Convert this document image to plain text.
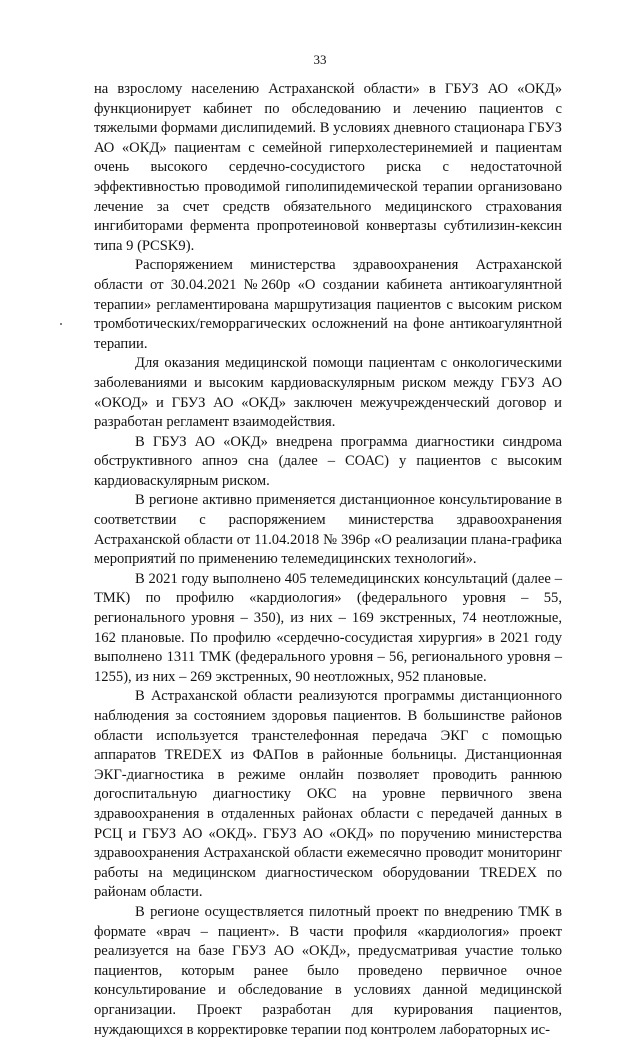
33

на взрослому населению Астраханской области» в ГБУЗ АО «ОКД» функционирует кабинет по обследованию и лечению пациентов с тяжелыми формами дислипидемий. В условиях дневного стационара ГБУЗ АО «ОКД» пациентам с семейной гиперхолестеринемией и пациентам очень высокого сердечно-сосудистого риска с недостаточной эффективностью проводимой гиполипидемической терапии организовано лечение за счет средств обязательного медицинского страхования ингибиторами фермента пропротеиновой конвертазы субтилизин-кексин типа 9 (PCSK9).

Распоряжением министерства здравоохранения Астраханской области от 30.04.2021 №260р «О создании кабинета антикоагулянтной терапии» регламентирована маршрутизация пациентов с высоким риском тромботических/геморрагических осложнений на фоне антикоагулянтной терапии.

Для оказания медицинской помощи пациентам с онкологическими заболеваниями и высоким кардиоваскулярным риском между ГБУЗ АО «ОКОД» и ГБУЗ АО «ОКД» заключен межучрежденческий договор и разработан регламент взаимодействия.

В ГБУЗ АО «ОКД» внедрена программа диагностики синдрома обструктивного апноэ сна (далее – СОАС) у пациентов с высоким кардиоваскулярным риском.

В регионе активно применяется дистанционное консультирование в соответствии с распоряжением министерства здравоохранения Астраханской области от 11.04.2018 № 396р «О реализации плана-графика мероприятий по применению телемедицинских технологий».

В 2021 году выполнено 405 телемедицинских консультаций (далее – ТМК) по профилю «кардиология» (федерального уровня – 55, регионального уровня – 350), из них – 169 экстренных, 74 неотложные, 162 плановые. По профилю «сердечно-сосудистая хирургия» в 2021 году выполнено 1311 ТМК (федерального уровня – 56, регионального уровня – 1255), из них – 269 экстренных, 90 неотложных, 952 плановые.

В Астраханской области реализуются программы дистанционного наблюдения за состоянием здоровья пациентов. В большинстве районов области используется транстелефонная передача ЭКГ с помощью аппаратов TREDEX из ФАПов в районные больницы. Дистанционная ЭКГ-диагностика в режиме онлайн позволяет проводить раннюю догоспитальную диагностику ОКС на уровне первичного звена здравоохранения в отдаленных районах области с передачей данных в РСЦ и ГБУЗ АО «ОКД». ГБУЗ АО «ОКД» по поручению министерства здравоохранения Астраханской области ежемесячно проводит мониторинг работы на медицинском диагностическом оборудовании TREDEX по районам области.

В регионе осуществляется пилотный проект по внедрению ТМК в формате «врач – пациент». В части профиля «кардиология» проект реализуется на базе ГБУЗ АО «ОКД», предусматривая участие только пациентов, которым ранее было проведено первичное очное консультирование и обследование в условиях данной медицинской организации. Проект разработан для курирования пациентов, нуждающихся в корректировке терапии под контролем лабораторных ис-
